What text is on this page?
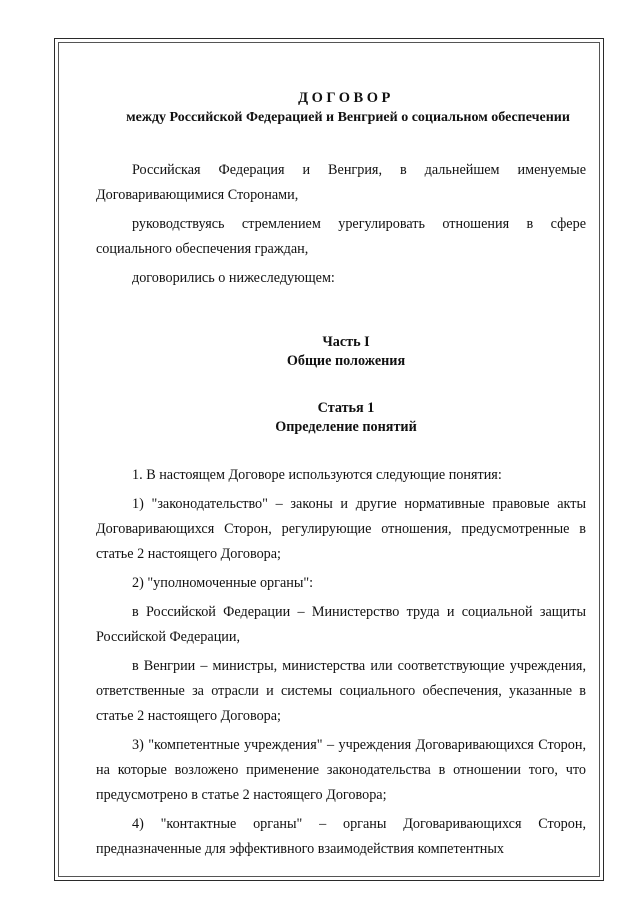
ДОГОВОР
между Российской Федерацией и Венгрией о социальном обеспечении

Российская Федерация и Венгрия, в дальнейшем именуемые Договаривающимися Сторонами,

руководствуясь стремлением урегулировать отношения в сфере социального обеспечения граждан,

договорились о нижеследующем:

Часть I
Общие положения
Статья 1
Определение понятий

1. В настоящем Договоре используются следующие понятия:

1) "законодательство" – законы и другие нормативные правовые акты Договаривающихся Сторон, регулирующие отношения, предусмотренные в статье 2 настоящего Договора;

2) "уполномоченные органы":

в Российской Федерации – Министерство труда и социальной защиты Российской Федерации,

в Венгрии – министры, министерства или соответствующие учреждения, ответственные за отрасли и системы социального обеспечения, указанные в статье 2 настоящего Договора;

3) "компетентные учреждения" – учреждения Договаривающихся Сторон, на которые возложено применение законодательства в отношении того, что предусмотрено в статье 2 настоящего Договора;

4) "контактные органы" – органы Договаривающихся Сторон, предназначенные для эффективного взаимодействия компетентных
